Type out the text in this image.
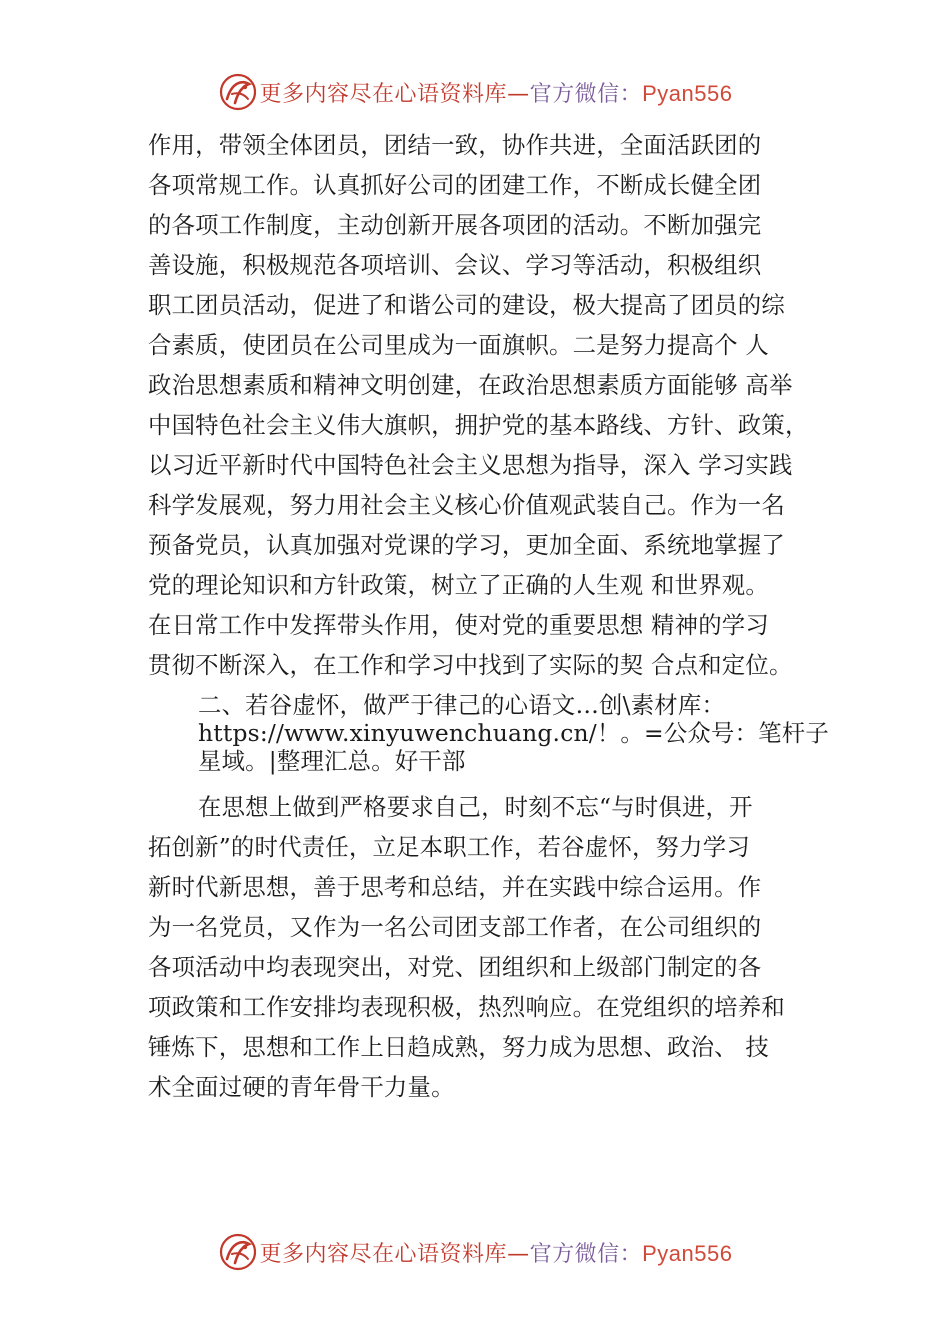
更多内容尽在心语资料库—官方微信：Pyan556
作用，带领全体团员，团结一致，协作共进，全面活跃团的
各项常规工作。认真抓好公司的团建工作，不断成长健全团
的各项工作制度，主动创新开展各项团的活动。不断加强完
善设施，积极规范各项培训、会议、学习等活动，积极组织
职工团员活动，促进了和谐公司的建设，极大提高了团员的综
合素质，使团员在公司里成为一面旗帜。二是努力提高个 人
政治思想素质和精神文明创建，在政治思想素质方面能够 高举
中国特色社会主义伟大旗帜，拥护党的基本路线、方针、政策，
以习近平新时代中国特色社会主义思想为指导，深入 学习实践
科学发展观，努力用社会主义核心价值观武装自己。作为一名
预备党员，认真加强对党课的学习，更加全面、系统地掌握了
党的理论知识和方针政策，树立了正确的人生观 和世界观。
在日常工作中发挥带头作用，使对党的重要思想 精神的学习
贯彻不断深入，在工作和学习中找到了实际的契 合点和定位。
二、若谷虚怀，做严于律己的心语文…创\素材库：
https://www.xinyuwenchuang.cn/！。=公众号：笔杆子
星域。|整理汇总。好干部
在思想上做到严格要求自己，时刻不忘“与时俱进，开
拓创新”的时代责任，立足本职工作，若谷虚怀，努力学习
新时代新思想，善于思考和总结，并在实践中综合运用。作
为一名党员，又作为一名公司团支部工作者，在公司组织的
各项活动中均表现突出，对党、团组织和上级部门制定的各
项政策和工作安排均表现积极，热烈响应。在党组织的培养和
锤炼下，思想和工作上日趋成熟，努力成为思想、政治、 技
术全面过硬的青年骨干力量。
更多内容尽在心语资料库—官方微信：Pyan556
